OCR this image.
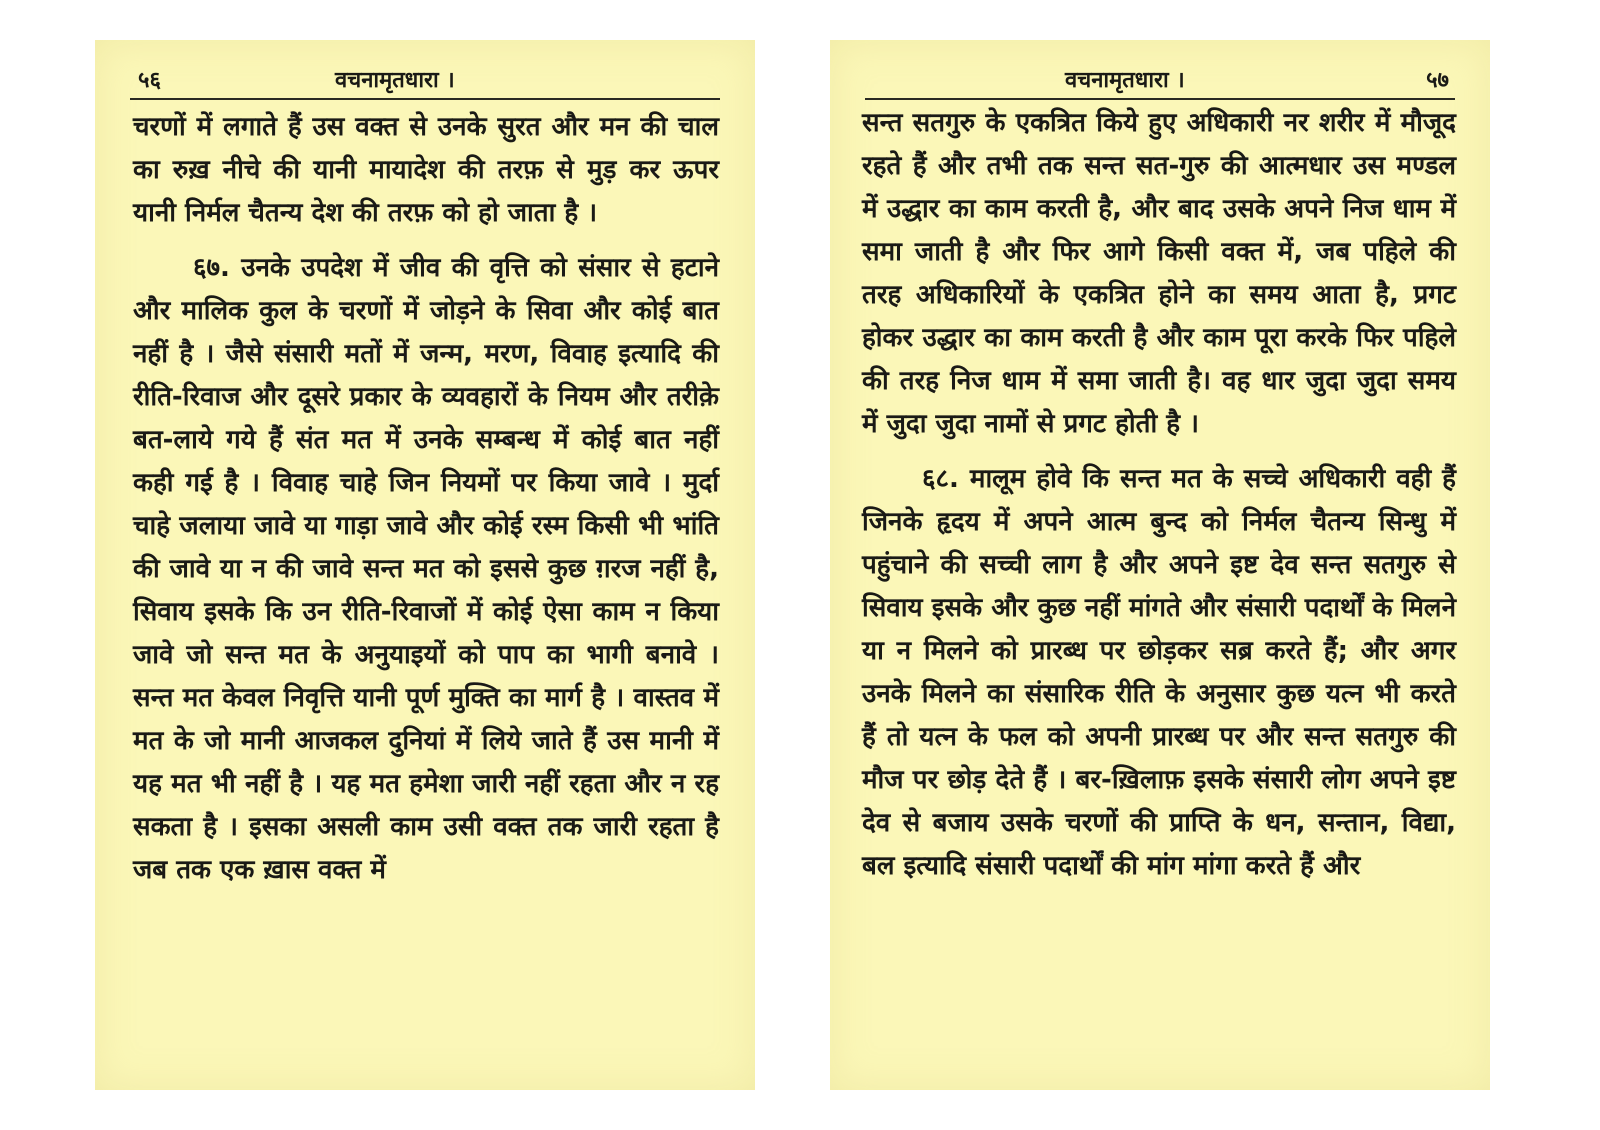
५६	वचनामृतधारा ।

चरणों में लगाते हैं उस वक्त से उनके सुरत और मन की चाल का रुख़ नीचे की यानी मायादेश की तरफ़ से मुड़ कर ऊपर यानी निर्मल चैतन्य देश की तरफ़ को हो जाता है ।

६७. उनके उपदेश में जीव की वृत्ति को संसार से हटाने और मालिक कुल के चरणों में जोड़ने के सिवा और कोई बात नहीं है । जैसे संसारी मतों में जन्म, मरण, विवाह इत्यादि की रीति-रिवाज और दूसरे प्रकार के व्यवहारों के नियम और तरीक़े बत-लाये गये हैं संत मत में उनके सम्बन्ध में कोई बात नहीं कही गई है । विवाह चाहे जिन नियमों पर किया जावे । मुर्दा चाहे जलाया जावे या गाड़ा जावे और कोई रस्म किसी भी भांति की जावे या न की जावे सन्त मत को इससे कुछ ग़रज नहीं है, सिवाय इसके कि उन रीति-रिवाजों में कोई ऐसा काम न किया जावे जो सन्त मत के अनुयाइयों को पाप का भागी बनावे । सन्त मत केवल निवृत्ति यानी पूर्ण मुक्ति का मार्ग है । वास्तव में मत के जो मानी आजकल दुनियां में लिये जाते हैं उस मानी में यह मत भी नहीं है । यह मत हमेशा जारी नहीं रहता और न रह सकता है । इसका असली काम उसी वक्त तक जारी रहता है जब तक एक ख़ास वक्त में

वचनामृतधारा ।	५७

सन्त सतगुरु के एकत्रित किये हुए अधिकारी नर शरीर में मौजूद रहते हैं और तभी तक सन्त सत-गुरु की आत्मधार उस मण्डल में उद्धार का काम करती है, और बाद उसके अपने निज धाम में समा जाती है और फिर आगे किसी वक्त में, जब पहिले की तरह अधिकारियों के एकत्रित होने का समय आता है, प्रगट होकर उद्धार का काम करती है और काम पूरा करके फिर पहिले की तरह निज धाम में समा जाती है। वह धार जुदा जुदा समय में जुदा जुदा नामों से प्रगट होती है ।

६८. मालूम होवे कि सन्त मत के सच्चे अधिकारी वही हैं जिनके हृदय में अपने आत्म बुन्द को निर्मल चैतन्य सिन्धु में पहुंचाने की सच्ची लाग है और अपने इष्ट देव सन्त सतगुरु से सिवाय इसके और कुछ नहीं मांगते और संसारी पदार्थों के मिलने या न मिलने को प्रारब्ध पर छोड़कर सब्र करते हैं; और अगर उनके मिलने का संसारिक रीति के अनुसार कुछ यत्न भी करते हैं तो यत्न के फल को अपनी प्रारब्ध पर और सन्त सतगुरु की मौज पर छोड़ देते हैं । बर-ख़िलाफ़ इसके संसारी लोग अपने इष्ट देव से बजाय उसके चरणों की प्राप्ति के धन, सन्तान, विद्या, बल इत्यादि संसारी पदार्थों की मांग मांगा करते हैं और
